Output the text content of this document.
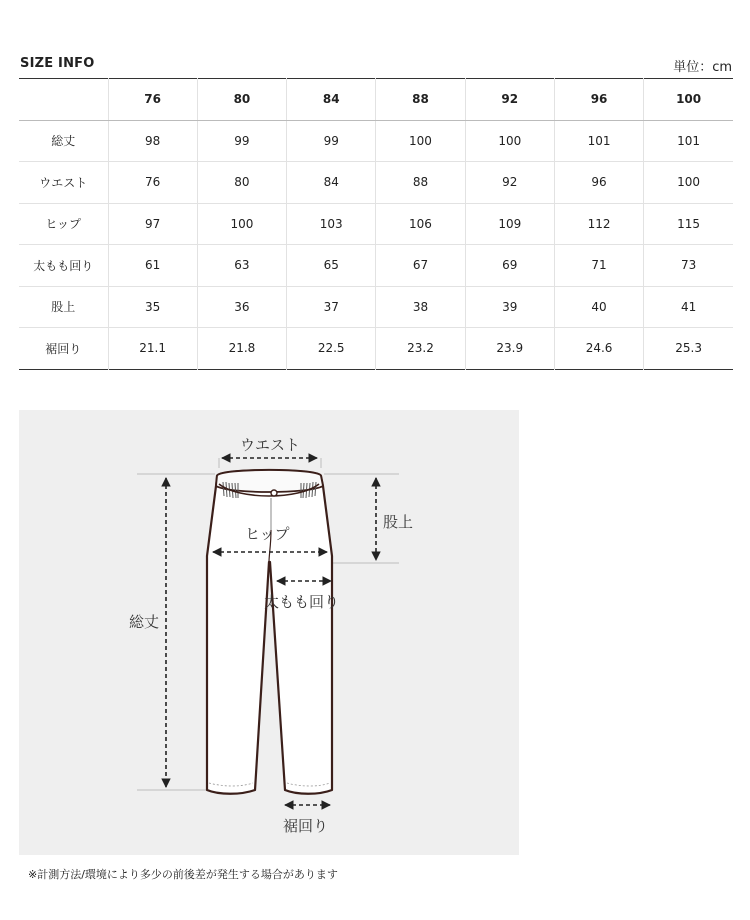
SIZE INFO	単位：cm
	76	80	84	88	92	96	100
総丈	98	99	99	100	100	101	101
ウエスト	76	80	84	88	92	96	100
ヒップ	97	100	103	106	109	112	115
太もも回り	61	63	65	67	69	71	73
股上	35	36	37	38	39	40	41
裾回り	21.1	21.8	22.5	23.2	23.9	24.6	25.3
ウエスト
ヒップ
股上
太もも回り
総丈
裾回り
※計測方法/環境により多少の前後差が発生する場合があります
